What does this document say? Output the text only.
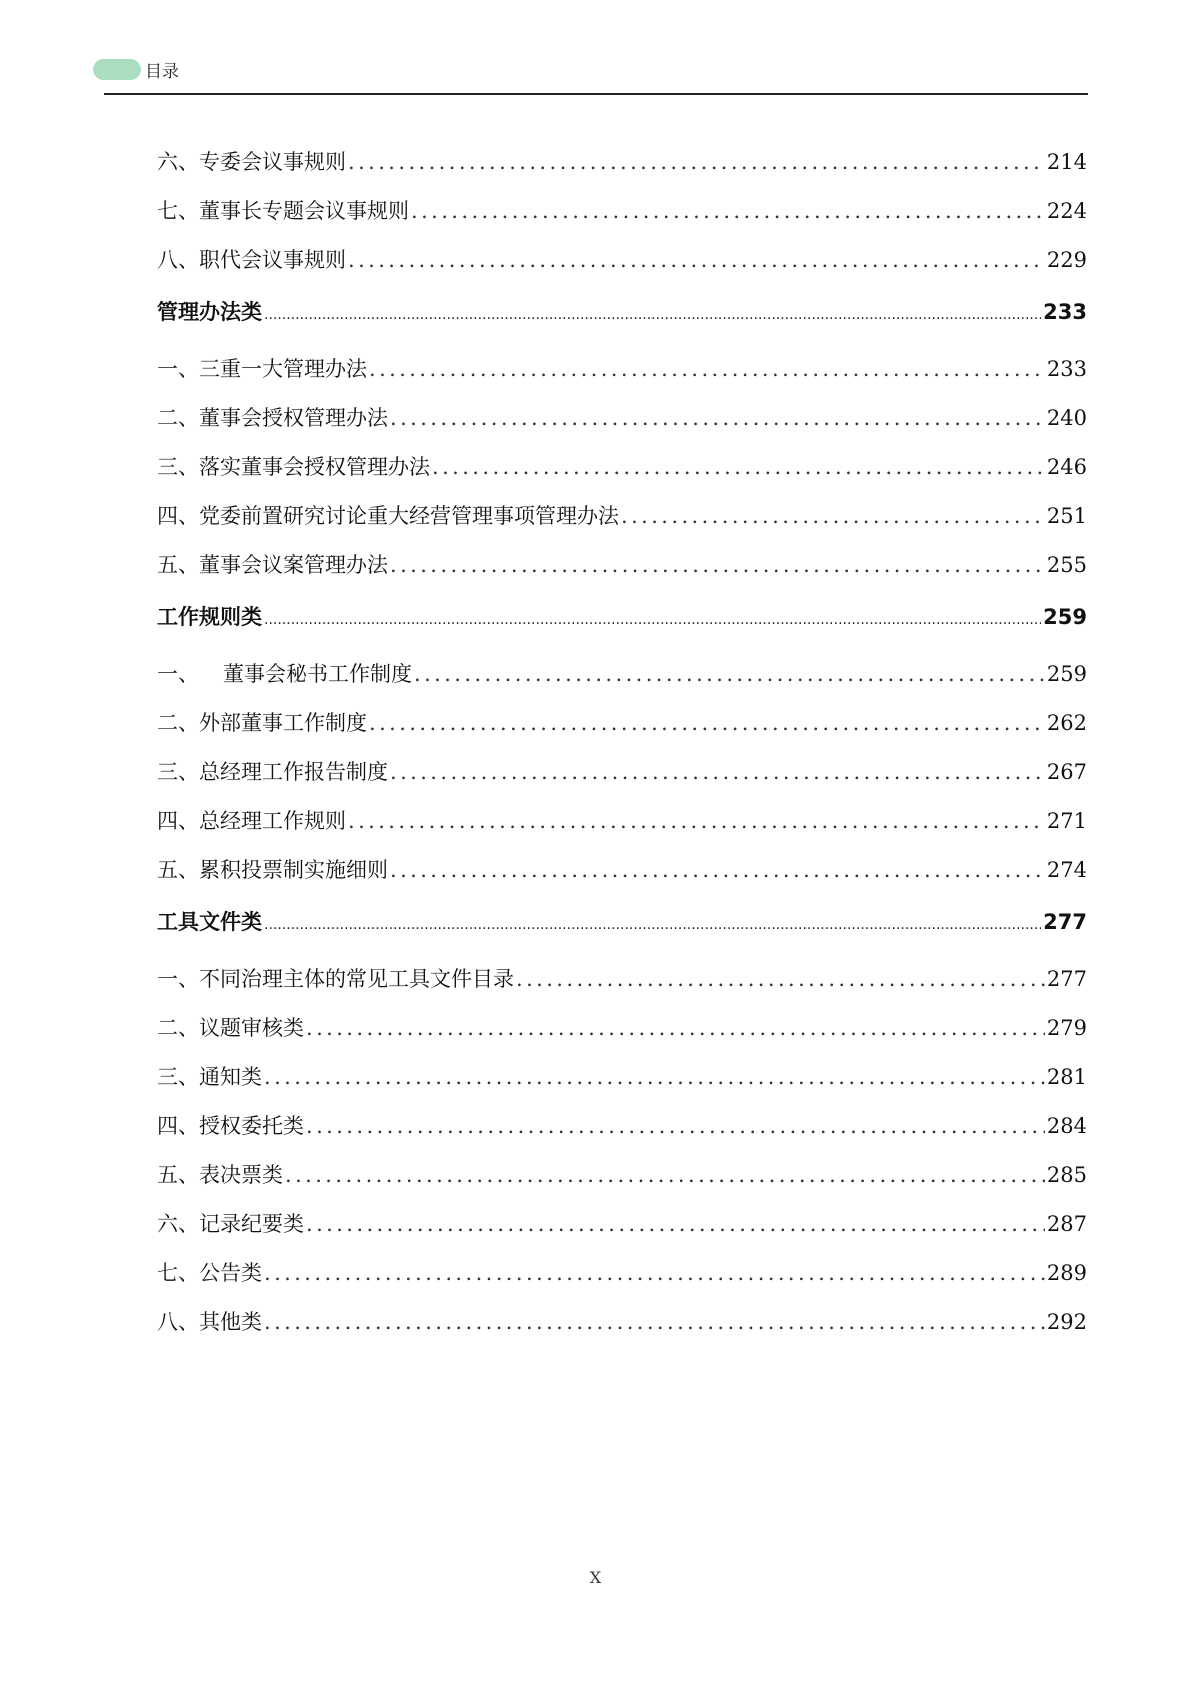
目录
六、专委会议事规则 .....	214
七、董事长专题会议事规则 .....	224
八、职代会议事规则 .....	229
管理办法类 .....	233
一、三重一大管理办法 .....	233
二、董事会授权管理办法 .....	240
三、落实董事会授权管理办法 .....	246
四、党委前置研究讨论重大经营管理事项管理办法 .....	251
五、董事会议案管理办法 .....	255
工作规则类 .....	259
一、 董事会秘书工作制度 .....	259
二、外部董事工作制度 .....	262
三、总经理工作报告制度 .....	267
四、总经理工作规则 .....	271
五、累积投票制实施细则 .....	274
工具文件类 .....	277
一、不同治理主体的常见工具文件目录 .....	277
二、议题审核类 .....	279
三、通知类 .....	281
四、授权委托类 .....	284
五、表决票类 .....	285
六、记录纪要类 .....	287
七、公告类 .....	289
八、其他类 .....	292
X
